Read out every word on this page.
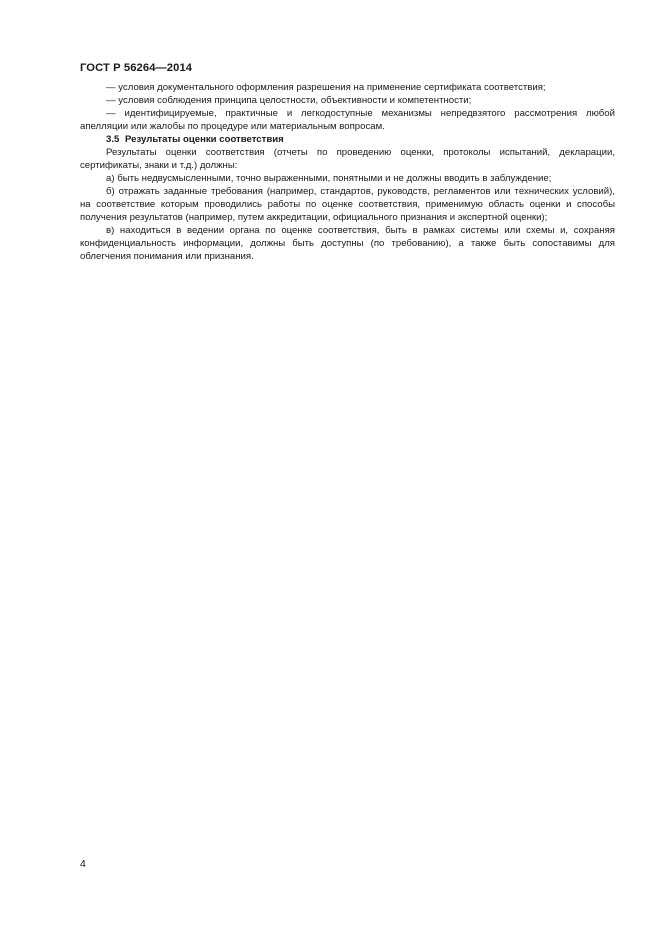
ГОСТ Р 56264—2014

— условия документального оформления разрешения на применение сертификата соответствия;

— условия соблюдения принципа целостности, объективности и компетентности;

— идентифицируемые, практичные и легкодоступные механизмы непредвзятого рассмотрения любой апелляции или жалобы по процедуре или материальным вопросам.

3.5 Результаты оценки соответствия

Результаты оценки соответствия (отчеты по проведению оценки, протоколы испытаний, декларации, сертификаты, знаки и т.д.) должны:

а) быть недвусмысленными, точно выраженными, понятными и не должны вводить в заблуждение;

б) отражать заданные требования (например, стандартов, руководств, регламентов или технических условий), на соответствие которым проводились работы по оценке соответствия, применимую область оценки и способы получения результатов (например, путем аккредитации, официального признания и экспертной оценки);

в) находиться в ведении органа по оценке соответствия, быть в рамках системы или схемы и, сохраняя конфиденциальность информации, должны быть доступны (по требованию), а также быть сопоставимы для облегчения понимания или признания.

4
